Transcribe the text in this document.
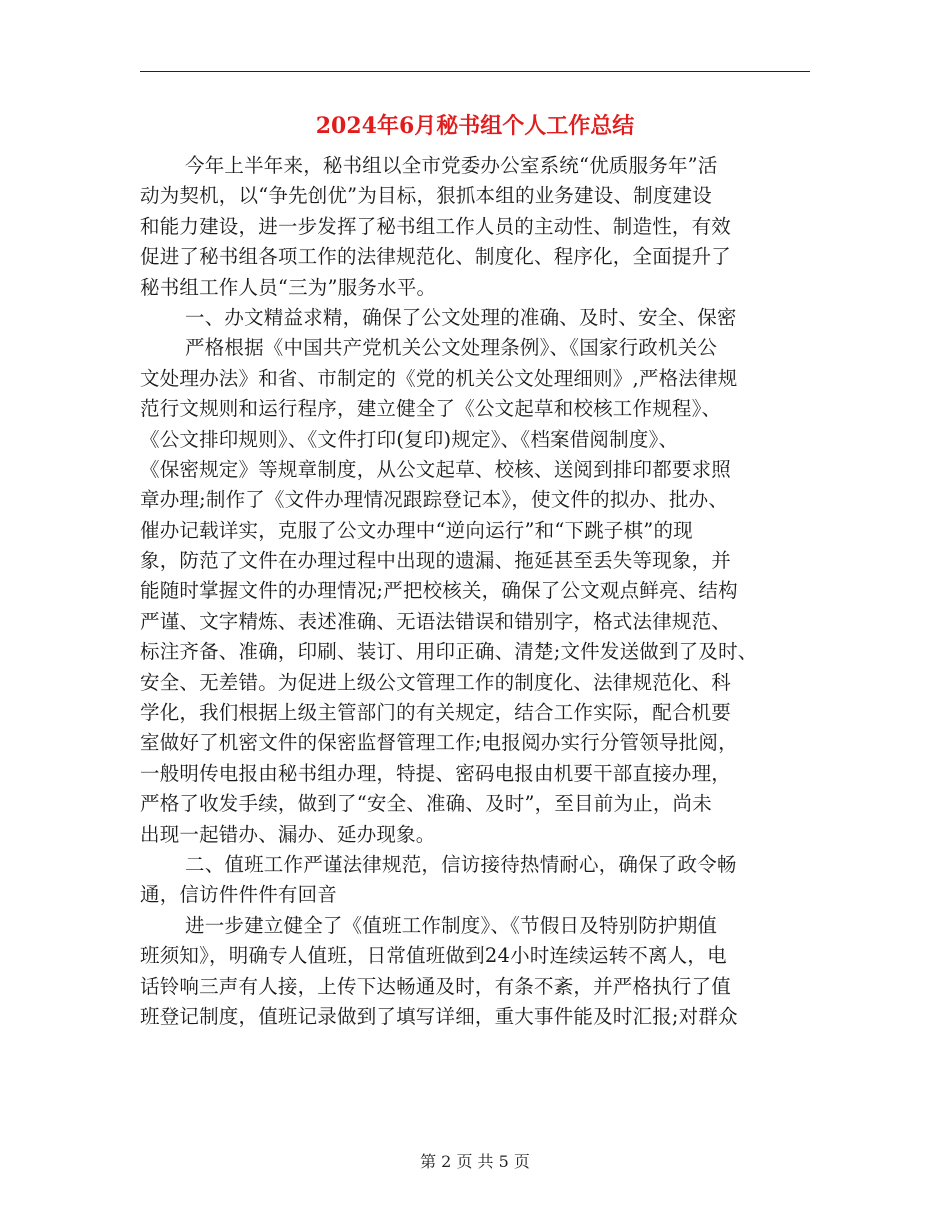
2024年6月秘书组个人工作总结
今年上半年来，秘书组以全市党委办公室系统“优质服务年”活
动为契机，以“争先创优”为目标，狠抓本组的业务建设、制度建设
和能力建设，进一步发挥了秘书组工作人员的主动性、制造性，有效
促进了秘书组各项工作的法律规范化、制度化、程序化，全面提升了
秘书组工作人员“三为”服务水平。
一、办文精益求精，确保了公文处理的准确、及时、安全、保密
严格根据《中国共产党机关公文处理条例》、《国家行政机关公
文处理办法》和省、市制定的《党的机关公文处理细则》,严格法律规
范行文规则和运行程序，建立健全了《公文起草和校核工作规程》、
《公文排印规则》、《文件打印(复印)规定》、《档案借阅制度》、
《保密规定》等规章制度，从公文起草、校核、送阅到排印都要求照
章办理;制作了《文件办理情况跟踪登记本》，使文件的拟办、批办、
催办记载详实，克服了公文办理中“逆向运行”和“下跳子棋”的现
象，防范了文件在办理过程中出现的遗漏、拖延甚至丢失等现象，并
能随时掌握文件的办理情况;严把校核关，确保了公文观点鲜亮、结构
严谨、文字精炼、表述准确、无语法错误和错别字，格式法律规范、
标注齐备、准确，印刷、装订、用印正确、清楚;文件发送做到了及时、
安全、无差错。为促进上级公文管理工作的制度化、法律规范化、科
学化，我们根据上级主管部门的有关规定，结合工作实际，配合机要
室做好了机密文件的保密监督管理工作;电报阅办实行分管领导批阅，
一般明传电报由秘书组办理，特提、密码电报由机要干部直接办理，
严格了收发手续，做到了“安全、准确、及时”，至目前为止，尚未
出现一起错办、漏办、延办现象。
二、值班工作严谨法律规范，信访接待热情耐心，确保了政令畅
通，信访件件件有回音
进一步建立健全了《值班工作制度》、《节假日及特别防护期值
班须知》，明确专人值班，日常值班做到24小时连续运转不离人，电
话铃响三声有人接，上传下达畅通及时，有条不紊，并严格执行了值
班登记制度，值班记录做到了填写详细，重大事件能及时汇报;对群众
第 2 页 共 5 页
